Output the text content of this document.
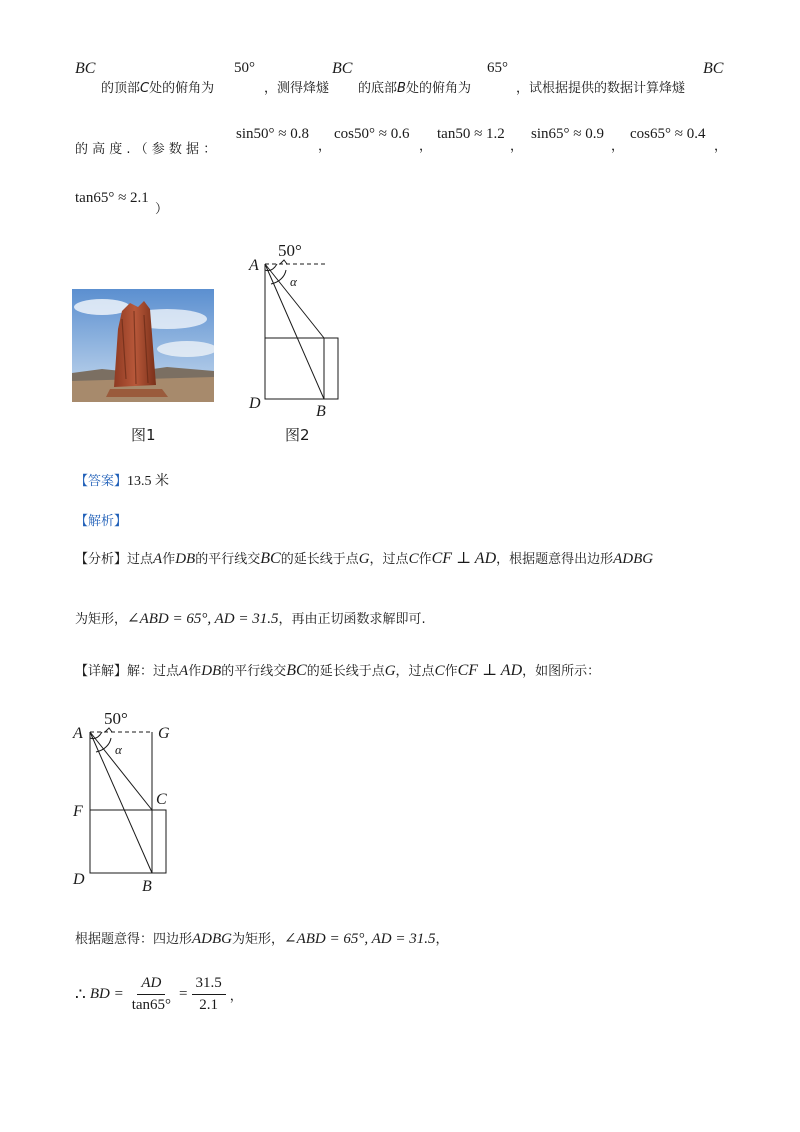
BC
的顶部C处的俯角为
50°
，测得烽燧
BC
的底部B处的俯角为
65°
，试根据提供的数据计算烽燧
BC
的 高 度 . （ 参 数 据 ：
sin50° ≈ 0.8
，
cos50° ≈ 0.6
，
tan50 ≈ 1.2
，
sin65° ≈ 0.9
，
cos65° ≈ 0.4
，
tan65° ≈ 2.1
）
50°
α
A
D	B
图1	图2
【答案】13.5 米
【解析】
【分析】过点A作DB的平行线交BC的延长线于点G，过点C作CF ⊥ AD，根据题意得出边形ADBG
为矩形，∠ABD = 65°, AD = 31.5，再由正切函数求解即可.
【详解】解：过点A作DB的平行线交BC的延长线于点G，过点C作CF ⊥ AD，如图所示：
50°
α
A	G
F
C
D	B
根据题意得：四边形ADBG为矩形，∠ABD = 65°, AD = 31.5，
∴ BD = $\frac{AD}{\tan 65^\circ} = \frac{31.5}{2.1}$ ，
